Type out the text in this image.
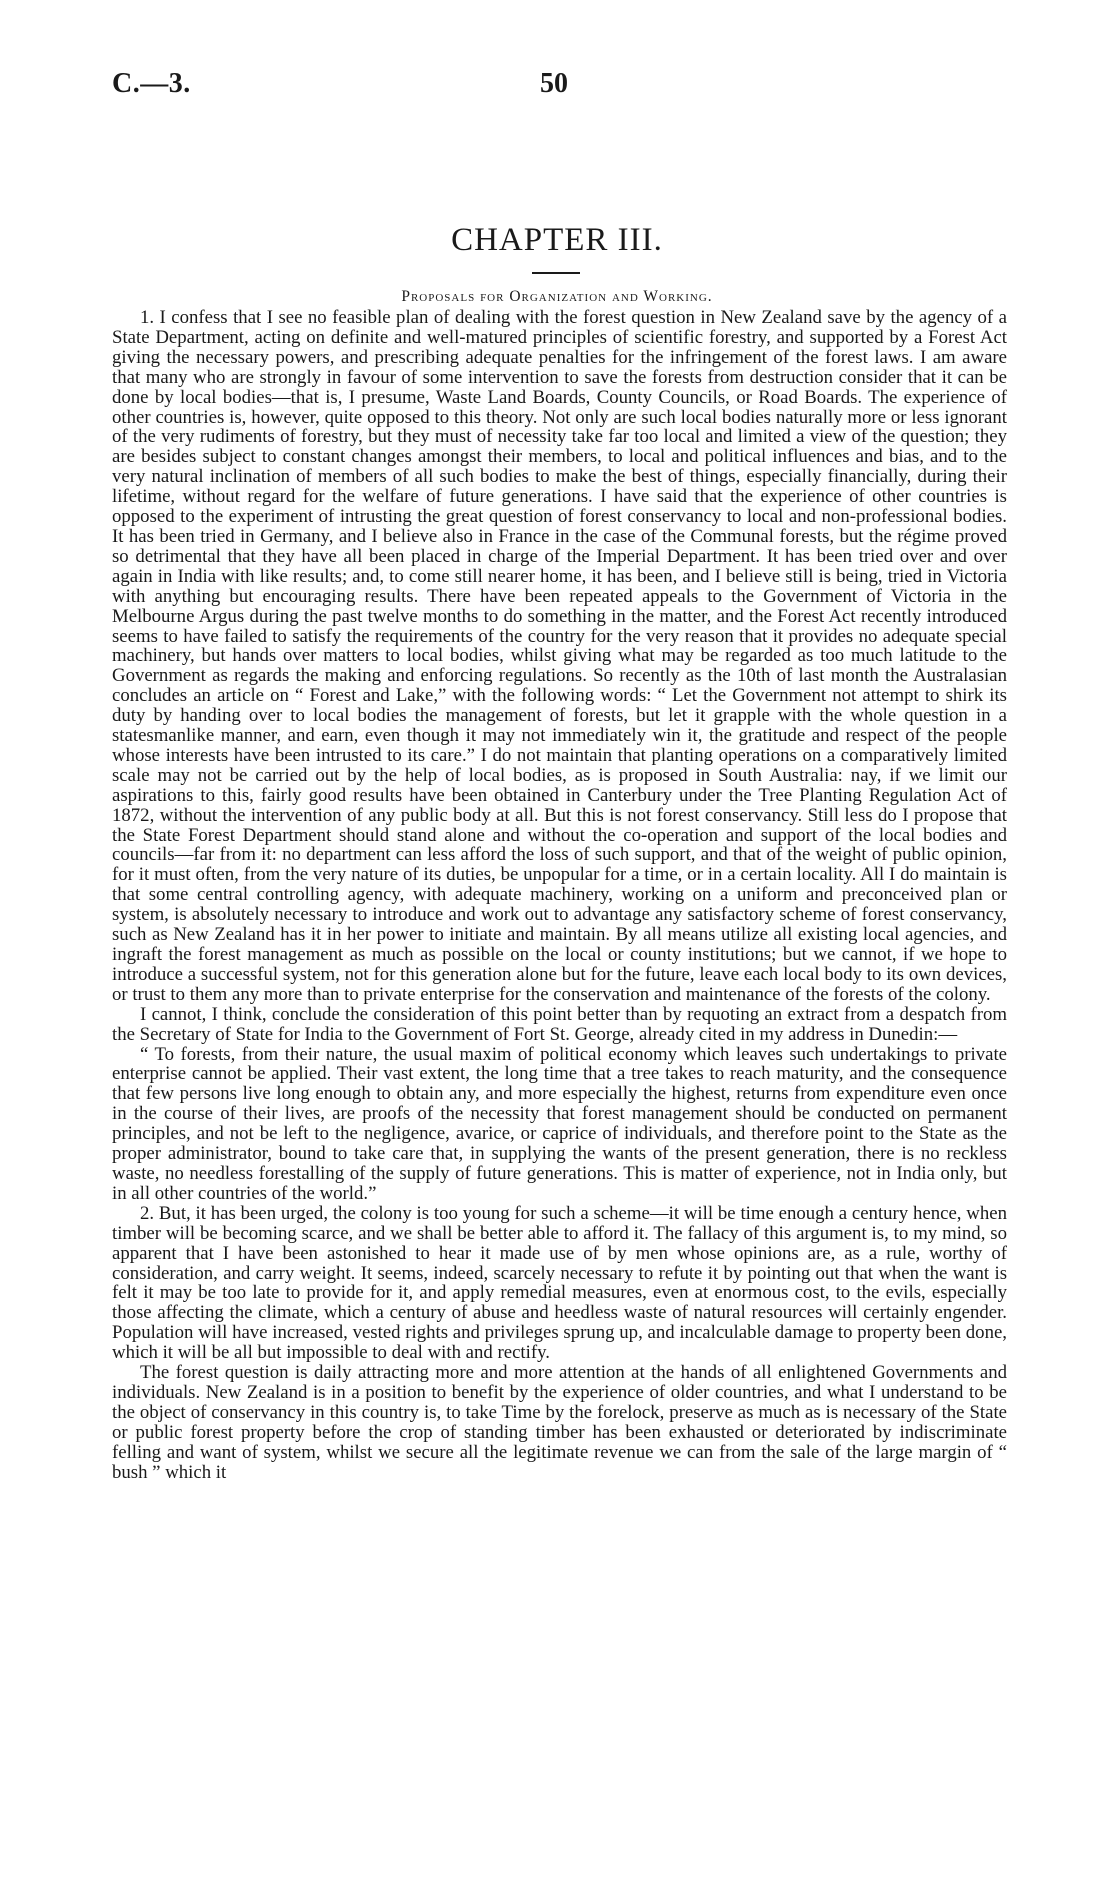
C.—3.	50
CHAPTER III.
Proposals for Organization and Working.

1. I confess that I see no feasible plan of dealing with the forest question in New Zealand save by the agency of a State Department, acting on definite and well-matured principles of scientific forestry, and supported by a Forest Act giving the necessary powers, and prescribing adequate penalties for the infringement of the forest laws. I am aware that many who are strongly in favour of some intervention to save the forests from destruction consider that it can be done by local bodies—that is, I presume, Waste Land Boards, County Councils, or Road Boards. The experience of other countries is, however, quite opposed to this theory. Not only are such local bodies naturally more or less ignorant of the very rudiments of forestry, but they must of necessity take far too local and limited a view of the question; they are besides subject to constant changes amongst their members, to local and political influences and bias, and to the very natural inclination of members of all such bodies to make the best of things, especially financially, during their lifetime, without regard for the welfare of future generations. I have said that the experience of other countries is opposed to the experiment of intrusting the great question of forest conservancy to local and non-professional bodies. It has been tried in Germany, and I believe also in France in the case of the Communal forests, but the régime proved so detrimental that they have all been placed in charge of the Imperial Department. It has been tried over and over again in India with like results; and, to come still nearer home, it has been, and I believe still is being, tried in Victoria with anything but encouraging results. There have been repeated appeals to the Government of Victoria in the Melbourne Argus during the past twelve months to do something in the matter, and the Forest Act recently introduced seems to have failed to satisfy the requirements of the country for the very reason that it provides no adequate special machinery, but hands over matters to local bodies, whilst giving what may be regarded as too much latitude to the Government as regards the making and enforcing regulations. So recently as the 10th of last month the Australasian concludes an article on “ Forest and Lake,” with the following words: “ Let the Government not attempt to shirk its duty by handing over to local bodies the management of forests, but let it grapple with the whole question in a statesmanlike manner, and earn, even though it may not immediately win it, the gratitude and respect of the people whose interests have been intrusted to its care.” I do not maintain that planting operations on a comparatively limited scale may not be carried out by the help of local bodies, as is proposed in South Australia: nay, if we limit our aspirations to this, fairly good results have been obtained in Canterbury under the Tree Planting Regulation Act of 1872, without the intervention of any public body at all. But this is not forest conservancy. Still less do I propose that the State Forest Department should stand alone and without the co-operation and support of the local bodies and councils—far from it: no department can less afford the loss of such support, and that of the weight of public opinion, for it must often, from the very nature of its duties, be unpopular for a time, or in a certain locality. All I do maintain is that some central controlling agency, with adequate machinery, working on a uniform and preconceived plan or system, is absolutely necessary to introduce and work out to advantage any satisfactory scheme of forest conservancy, such as New Zealand has it in her power to initiate and maintain. By all means utilize all existing local agencies, and ingraft the forest management as much as possible on the local or county institutions; but we cannot, if we hope to introduce a successful system, not for this generation alone but for the future, leave each local body to its own devices, or trust to them any more than to private enterprise for the conservation and maintenance of the forests of the colony.

I cannot, I think, conclude the consideration of this point better than by requoting an extract from a despatch from the Secretary of State for India to the Government of Fort St. George, already cited in my address in Dunedin:—

“ To forests, from their nature, the usual maxim of political economy which leaves such undertakings to private enterprise cannot be applied. Their vast extent, the long time that a tree takes to reach maturity, and the consequence that few persons live long enough to obtain any, and more especially the highest, returns from expenditure even once in the course of their lives, are proofs of the necessity that forest management should be conducted on permanent principles, and not be left to the negligence, avarice, or caprice of individuals, and therefore point to the State as the proper administrator, bound to take care that, in supplying the wants of the present generation, there is no reckless waste, no needless forestalling of the supply of future generations. This is matter of experience, not in India only, but in all other countries of the world.”

2. But, it has been urged, the colony is too young for such a scheme—it will be time enough a century hence, when timber will be becoming scarce, and we shall be better able to afford it. The fallacy of this argument is, to my mind, so apparent that I have been astonished to hear it made use of by men whose opinions are, as a rule, worthy of consideration, and carry weight. It seems, indeed, scarcely necessary to refute it by pointing out that when the want is felt it may be too late to provide for it, and apply remedial measures, even at enormous cost, to the evils, especially those affecting the climate, which a century of abuse and heedless waste of natural resources will certainly engender. Population will have increased, vested rights and privileges sprung up, and incalculable damage to property been done, which it will be all but impossible to deal with and rectify.

The forest question is daily attracting more and more attention at the hands of all enlightened Governments and individuals. New Zealand is in a position to benefit by the experience of older countries, and what I understand to be the object of conservancy in this country is, to take Time by the forelock, preserve as much as is necessary of the State or public forest property before the crop of standing timber has been exhausted or deteriorated by indiscriminate felling and want of system, whilst we secure all the legitimate revenue we can from the sale of the large margin of “ bush ” which it
